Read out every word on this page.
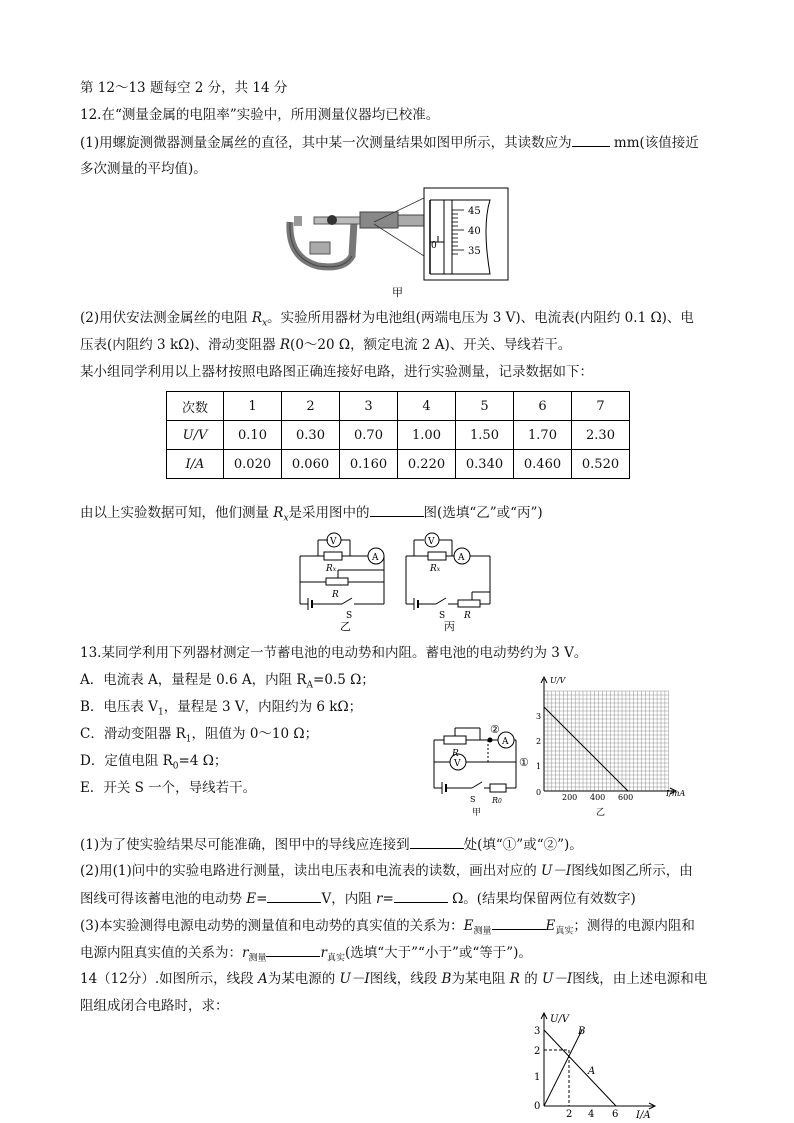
第 12～13 题每空 2 分，共 14 分
12.在“测量金属的电阻率”实验中，所用测量仪器均已校准。
(1)用螺旋测微器测量金属丝的直径，其中某一次测量结果如图甲所示，其读数应为	mm(该值接近
多次测量的平均值)。
45
40
35
0
甲
(2)用伏安法测金属丝的电阻 $R_x$。实验所用器材为电池组(两端电压为 3 V)、电流表(内阻约 0.1 Ω)、电
压表(内阻约 3 kΩ)、滑动变阻器 R(0～20 Ω，额定电流 2 A)、开关、导线若干。
某小组同学利用以上器材按照电路图正确连接好电路，进行实验测量，记录数据如下：
次数	1	2	3	4	5	6	7
U/V	0.10	0.30	0.70	1.00	1.50	1.70	2.30
I/A	0.020	0.060	0.160	0.220	0.340	0.460	0.520
由以上实验数据可知，他们测量 $R_x$是采用图中的	图(选填“乙”或“丙”)
V
A
Rx
R
S
乙
V
A
Rx
R
S
丙
13.某同学利用下列器材测定一节蓄电池的电动势和内阻。蓄电池的电动势约为 3 V。
A．电流表 A，量程是 0.6 A，内阻 $R_A=0.5$ Ω；
B．电压表 $V_1$，量程是 3 V，内阻约为 6 kΩ；
C．滑动变阻器 $R_1$，阻值为 0～10 Ω；
D．定值电阻 $R_0=4$ Ω；
E．开关 S 一个，导线若干。
R
A
V
S R0
①
②
甲
U/V
I/mA
3
2
1
0
200 400 600
乙
(1)为了使实验结果尽可能准确，图甲中的导线应连接到	处(填“①”或“②”)。
(2)用(1)问中的实验电路进行测量，读出电压表和电流表的读数，画出对应的 U－I图线如图乙所示，由
图线可得该蓄电池的电动势 E=	V，内阻 r=	Ω。(结果均保留两位有效数字)
(3)本实验测得电源电动势的测量值和电动势的真实值的关系为：$E_{测量}$	$E_{真实}$；测得的电源内阻和
电源内阻真实值的关系为：$r_{测量}$	$r_{真实}$(选填“大于”“小于”或“等于”)。
14（12分）.如图所示，线段 A为某电源的 U－I图线，线段 B为某电阻 R 的 U－I图线，由上述电源和电
阻组成闭合电路时，求：
U/V
I/A
3
2
1
0
2 4 6
B
A
